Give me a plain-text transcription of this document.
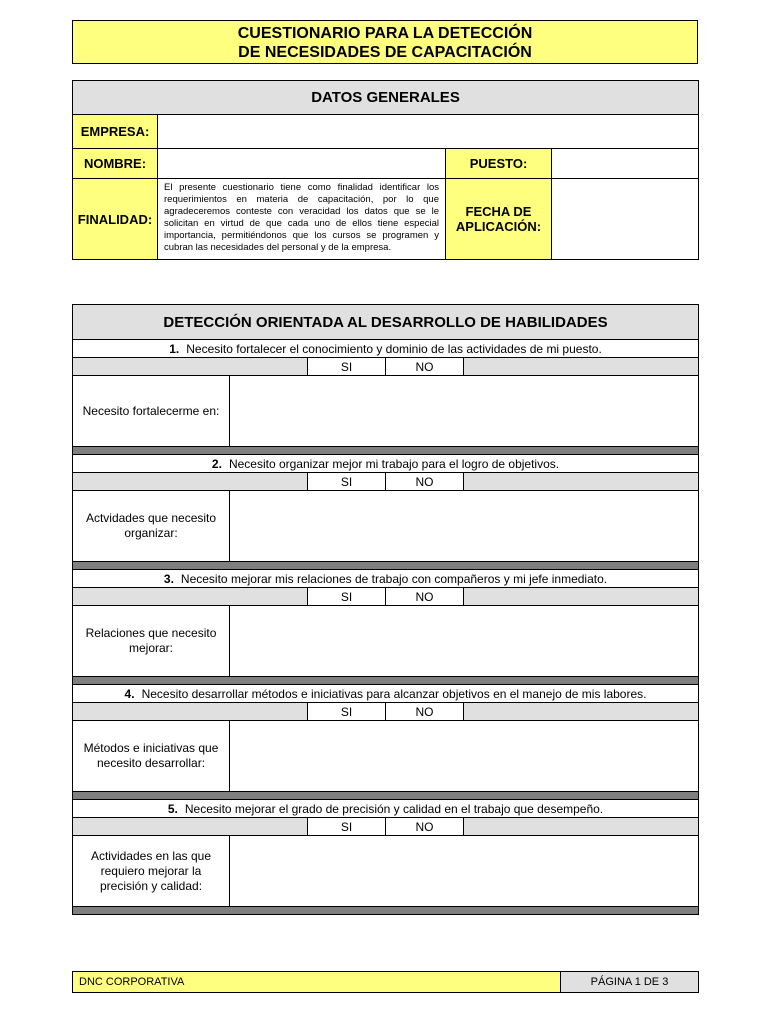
CUESTIONARIO PARA LA DETECCIÓN
DE NECESIDADES DE CAPACITACIÓN
DATOS GENERALES			
EMPRESA:			
NOMBRE:		PUESTO:	
FINALIDAD:	El presente cuestionario tiene como finalidad identificar los requerimientos en materia de capacitación, por lo que agradeceremos conteste con veracidad los datos que se le solicitan en virtud de que cada uno de ellos tiene especial importancia, permitiéndonos que los cursos se programen y cubran las necesidades del personal y de la empresa.	FECHA DE
APLICACIÓN:	

DETECCIÓN ORIENTADA AL DESARROLLO DE HABILIDADES				
1. Necesito fortalecer el conocimiento y dominio de las actividades de mi puesto.				
		SI	NO	
Necesito fortalecerme en:				

2. Necesito organizar mejor mi trabajo para el logro de objetivos.				
		SI	NO	
Actvidades que necesito organizar:				

3. Necesito mejorar mis relaciones de trabajo con compañeros y mi jefe inmediato.				
		SI	NO	
Relaciones que necesito mejorar:				

4. Necesito desarrollar métodos e iniciativas para alcanzar objetivos en el manejo de mis labores.				
		SI	NO	
Métodos e iniciativas que necesito desarrollar:				

5. Necesito mejorar el grado de precisión y calidad en el trabajo que desempeño.				
		SI	NO	
Actividades en las que requiero mejorar la precisión y calidad:				

DNC CORPORATIVA	PÁGINA 1 DE 3
